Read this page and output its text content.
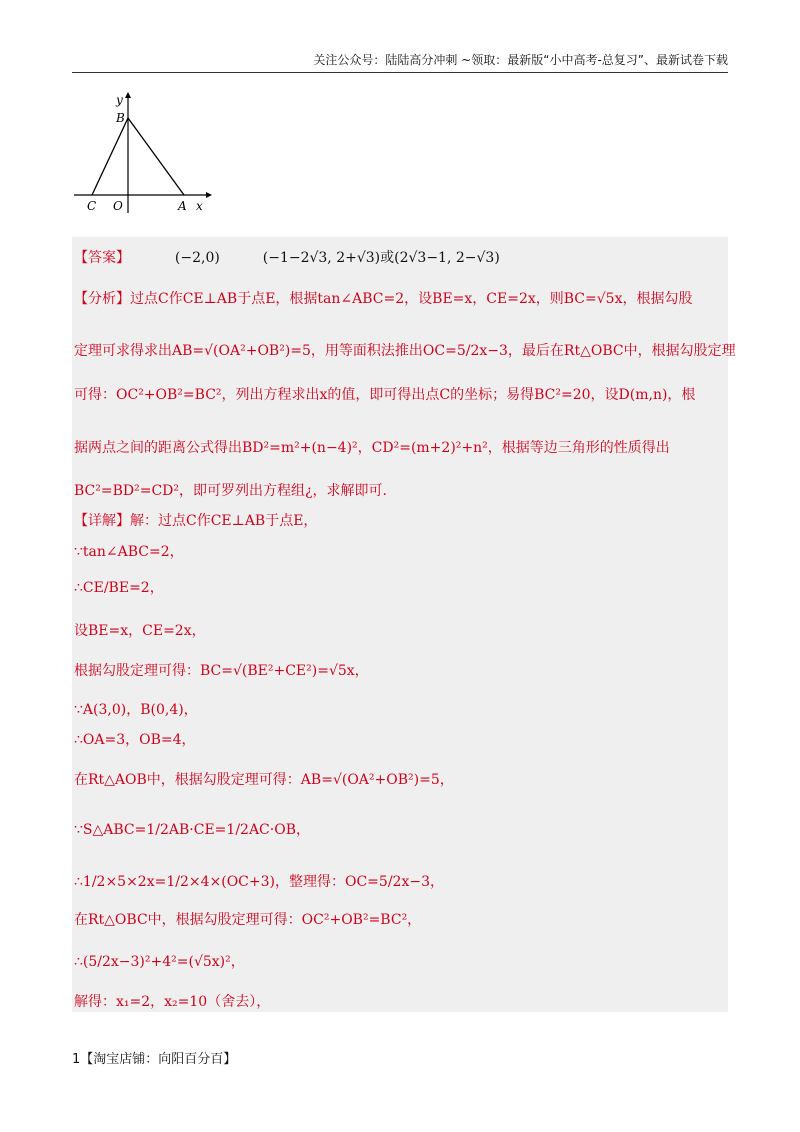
关注公众号：陆陆高分冲刺 ~领取：最新版“小中高考-总复习”、最新试卷下载
y
B
C O	A x
【答案】	(−2,0)	(−1−2√3, 2+√3)或(2√3−1, 2−√3)
【分析】过点C作CE⊥AB于点E，根据tan∠ABC=2，设BE=x，CE=2x，则BC=√5x，根据勾股
定理可求得求出AB=√(OA²+OB²)=5，用等面积法推出OC=5/2x−3，最后在Rt△OBC中，根据勾股定理
可得：OC²+OB²=BC²，列出方程求出x的值，即可得出点C的坐标；易得BC²=20，设D(m,n)，根
据两点之间的距离公式得出BD²=m²+(n−4)²，CD²=(m+2)²+n²，根据等边三角形的性质得出
BC²=BD²=CD²，即可罗列出方程组¿，求解即可.
【详解】解：过点C作CE⊥AB于点E，
∵tan∠ABC=2，
∴CE/BE=2，
设BE=x，CE=2x，
根据勾股定理可得：BC=√(BE²+CE²)=√5x，
∵A(3,0)，B(0,4)，
∴OA=3，OB=4，
在Rt△AOB中，根据勾股定理可得：AB=√(OA²+OB²)=5，
∵S△ABC=1/2AB·CE=1/2AC·OB，
∴1/2×5×2x=1/2×4×(OC+3)，整理得：OC=5/2x−3，
在Rt△OBC中，根据勾股定理可得：OC²+OB²=BC²，
∴(5/2x−3)²+4²=(√5x)²，
解得：x₁=2，x₂=10（舍去），
1【淘宝店铺：向阳百分百】
